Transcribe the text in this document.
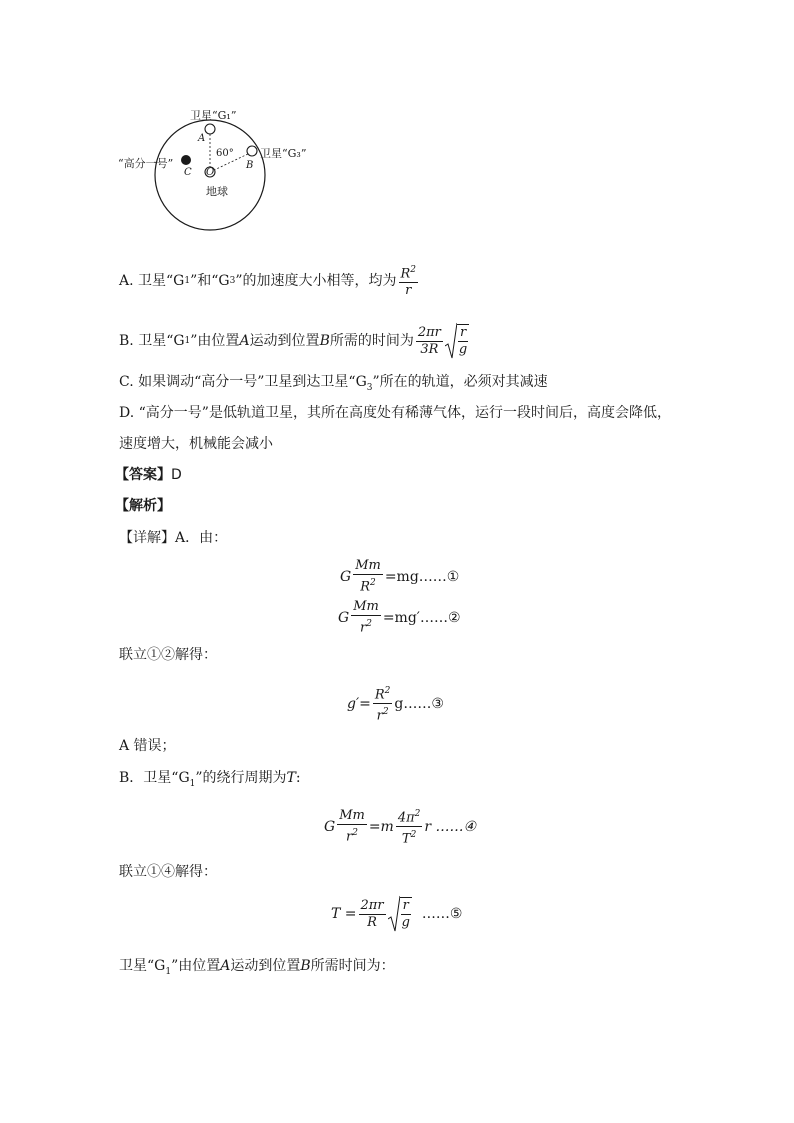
卫星“G₁”
卫星“G₃”
“高分一号”
A
B
C O
60°
地球
A. 卫星“G 1 ”和“G 3 ”的加速度大小相等，均为 $\frac{R^2}{r}$
B. 卫星“G 1 ”由位置 A 运动到位置 B 所需的时间为 $\frac{2\pi r}{3R} \frac{r}{g}$
C. 如果调动“高分一号”卫星到达卫星“$G_3$”所在的轨道，必须对其减速
D. “高分一号”是低轨道卫星，其所在高度处有稀薄气体，运行一段时间后，高度会降低，
速度增大，机械能会减小
【答案】D
【解析】
【详解】A．由：
G $\frac{Mm}{R^2}$ =mg……①
G $\frac{Mm}{r^2}$ =mg′……②
联立①②解得：
$g'= \frac{R^2}{r^2}$ g……③
A 错误；
B．卫星“$G_1$”的绕行周期为T:
G $\frac{Mm}{r^2} =m \frac{4\pi^2}{T^2}$ r ……④
联立①④解得：
$T = \frac{2\pi r}{R} \frac{r}{g}$ ……⑤
卫星“$G_1$”由位置A运动到位置B所需时间为：
